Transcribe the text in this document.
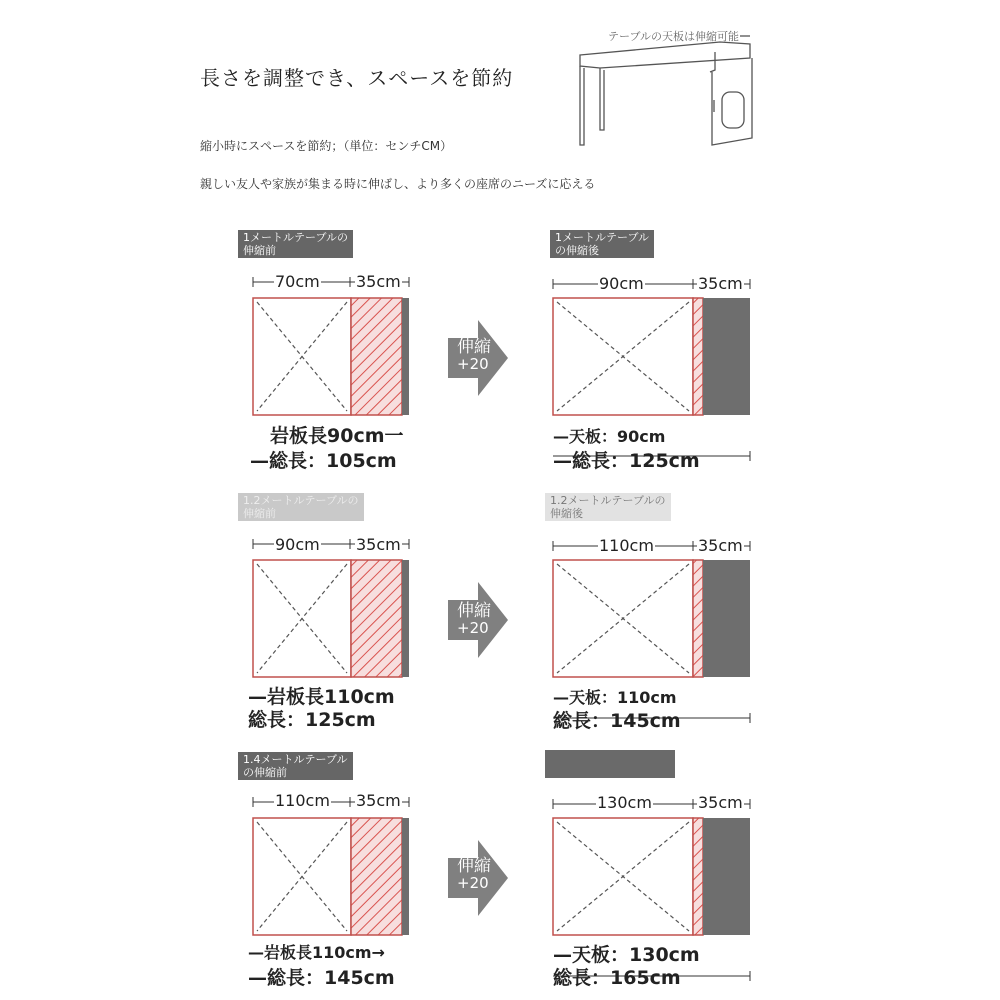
長さを調整でき、スペースを節約
縮小時にスペースを節約；（単位：センチCM）
親しい友人や家族が集まる時に伸ばし、より多くの座席のニーズに応える
テーブルの天板は伸縮可能
1メートルテーブルの
伸縮前
1メートルテーブル
の伸縮後
70cm 35cm	90cm	35cm
伸縮
+20
岩板長90cm一
—総長：105cm
—天板：90cm
—総長：125cm
1.2メートルテーブルの
伸縮前
1.2メートルテーブルの
伸縮後
90cm 35cm	110cm	35cm
伸縮
+20
—岩板長110cm
総長：125cm
—天板：110cm
総長：145cm
1.4メートルテーブル
の伸縮前
110cm 35cm	130cm	35cm
伸縮
+20
—岩板長110cm→
—総長：145cm
—天板：130cm
総長：165cm
